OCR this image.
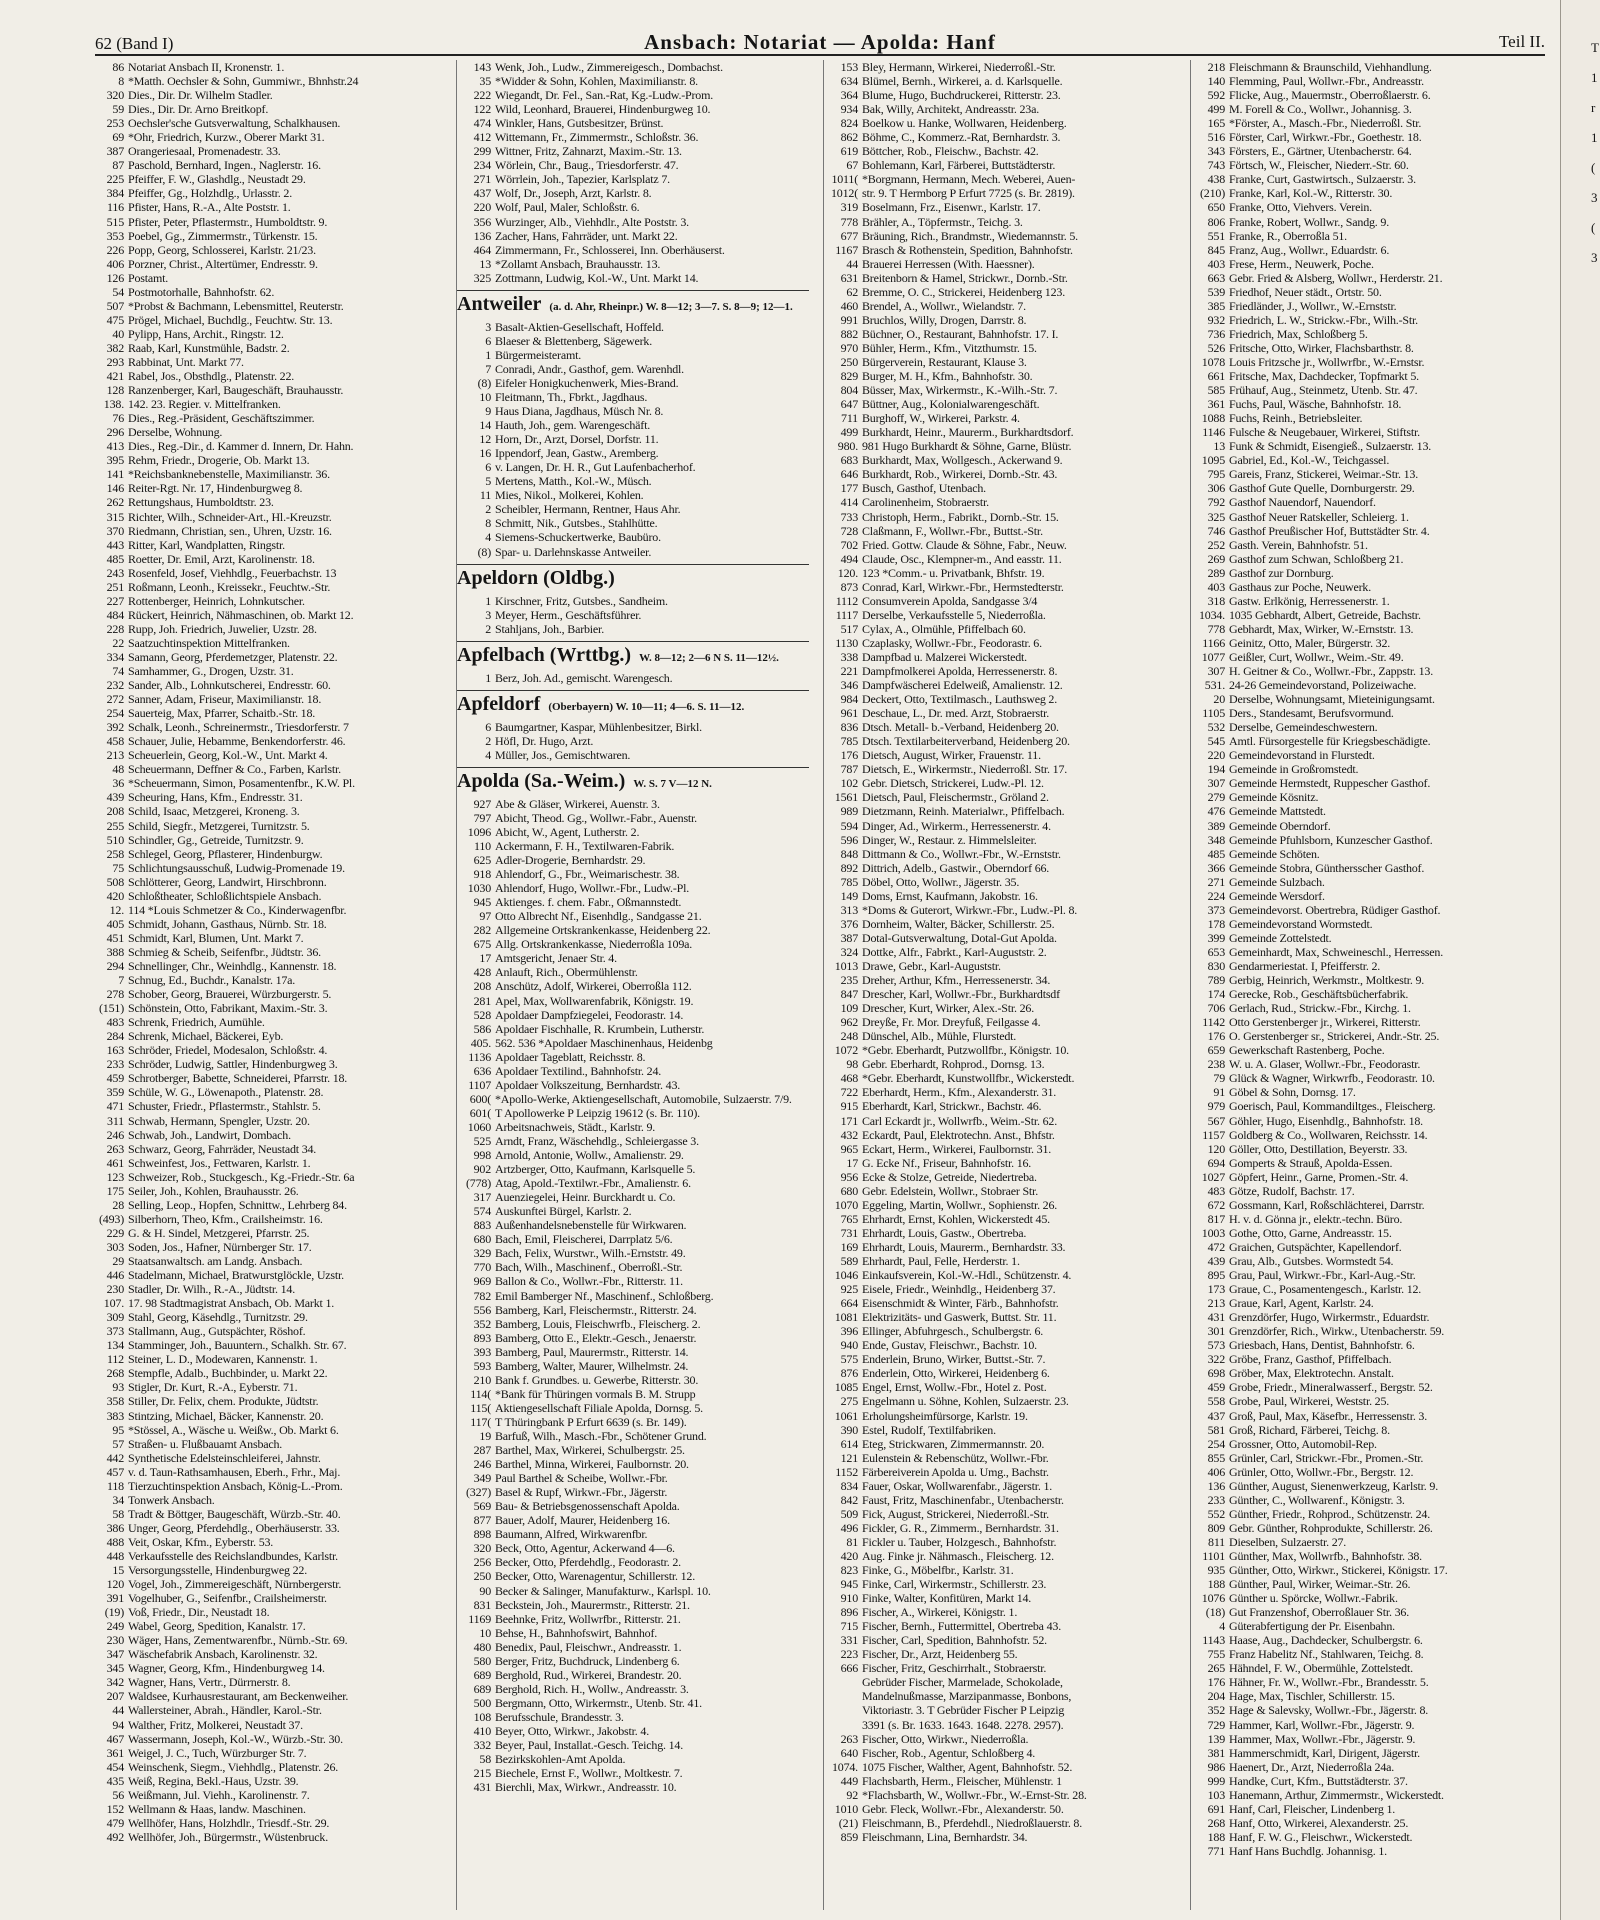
62 (Band I)	Ansbach: Notariat — Apolda: Hanf	Teil II.
86 Notariat Ansbach II, Kronenstr. 1.
8 *Matth. Oechsler & Sohn, Gummiwr., Bhnhstr.24
320 Dies., Dir. Dr. Wilhelm Stadler.
59 Dies., Dir. Dr. Arno Breitkopf.
253 Oechsler'sche Gutsverwaltung, Schalkhausen.
69 *Ohr, Friedrich, Kurzw., Oberer Markt 31.
387 Orangeriesaal, Promenadestr. 33.
87 Paschold, Bernhard, Ingen., Naglerstr. 16.
225 Pfeiffer, F. W., Glashdlg., Neustadt 29.
384 Pfeiffer, Gg., Holzhdlg., Urlasstr. 2.
116 Pfister, Hans, R.-A., Alte Poststr. 1.
515 Pfister, Peter, Pflastermstr., Humboldtstr. 9.
353 Poebel, Gg., Zimmermstr., Türkenstr. 15.
226 Popp, Georg, Schlosserei, Karlstr. 21/23.
406 Porzner, Christ., Altertümer, Endresstr. 9.
126 Postamt.
54 Postmotorhalle, Bahnhofstr. 62.
507 *Probst & Bachmann, Lebensmittel, Reuterstr.
475 Prögel, Michael, Buchdlg., Feuchtw. Str. 13.
40 Pylipp, Hans, Archit., Ringstr. 12.
382 Raab, Karl, Kunstmühle, Badstr. 2.
293 Rabbinat, Unt. Markt 77.
421 Rabel, Jos., Obsthdlg., Platenstr. 22.
128 Ranzenberger, Karl, Baugeschäft, Brauhausstr.
138. 142. 23. Regier. v. Mittelfranken.
76 Dies., Reg.-Präsident, Geschäftszimmer.
296 Derselbe, Wohnung.
413 Dies., Reg.-Dir., d. Kammer d. Innern, Dr. Hahn.
395 Rehm, Friedr., Drogerie, Ob. Markt 13.
141 *Reichsbanknebenstelle, Maximilianstr. 36.
146 Reiter-Rgt. Nr. 17, Hindenburgweg 8.
262 Rettungshaus, Humboldtstr. 23.
315 Richter, Wilh., Schneider-Art., Hl.-Kreuzstr.
370 Riedmann, Christian, sen., Uhren, Uzstr. 16.
443 Ritter, Karl, Wandplatten, Ringstr.
485 Roetter, Dr. Emil, Arzt, Karolinenstr. 18.
243 Rosenfeld, Josef, Viehhdlg., Feuerbachstr. 13
251 Roßmann, Leonh., Kreissekr., Feuchtw.-Str.
227 Rottenberger, Heinrich, Lohnkutscher.
484 Rückert, Heinrich, Nähmaschinen, ob. Markt 12.
228 Rupp, Joh. Friedrich, Juwelier, Uzstr. 28.
22 Saatzuchtinspektion Mittelfranken.
334 Samann, Georg, Pferdemetzger, Platenstr. 22.
74 Samhammer, G., Drogen, Uzstr. 31.
232 Sander, Alb., Lohnkutscherei, Endresstr. 60.
272 Sanner, Adam, Friseur, Maximilianstr. 18.
254 Sauerteig, Max, Pfarrer, Schaitb.-Str. 18.
392 Schalk, Leonh., Schreinermstr., Triesdorferstr. 7
458 Schauer, Julie, Hebamme, Benkendorferstr. 46.
213 Scheuerlein, Georg, Kol.-W., Unt. Markt 4.
48 Scheuermann, Deffner & Co., Farben, Karlstr.
36 *Scheuermann, Simon, Posamentenfbr., K.W. Pl.
439 Scheuring, Hans, Kfm., Endresstr. 31.
208 Schild, Isaac, Metzgerei, Kroneng. 3.
255 Schild, Siegfr., Metzgerei, Turnitzstr. 5.
510 Schindler, Gg., Getreide, Turnitzstr. 9.
258 Schlegel, Georg, Pflasterer, Hindenburgw.
75 Schlichtungsausschuß, Ludwig-Promenade 19.
508 Schlötterer, Georg, Landwirt, Hirschbronn.
420 Schloßtheater, Schloßlichtspiele Ansbach.
12. 114 *Louis Schmetzer & Co., Kinderwagenfbr.
405 Schmidt, Johann, Gasthaus, Nürnb. Str. 18.
451 Schmidt, Karl, Blumen, Unt. Markt 7.
388 Schmieg & Scheib, Seifenfbr., Jüdtstr. 36.
294 Schnellinger, Chr., Weinhdlg., Kannenstr. 18.
7 Schnug, Ed., Buchdr., Kanalstr. 17a.
278 Schober, Georg, Brauerei, Würzburgerstr. 5.
(151) Schönstein, Otto, Fabrikant, Maxim.-Str. 3.
483 Schrenk, Friedrich, Aumühle.
284 Schrenk, Michael, Bäckerei, Eyb.
163 Schröder, Friedel, Modesalon, Schloßstr. 4.
233 Schröder, Ludwig, Sattler, Hindenburgweg 3.
459 Schrotberger, Babette, Schneiderei, Pfarrstr. 18.
359 Schüle, W. G., Löwenapoth., Platenstr. 28.
471 Schuster, Friedr., Pflastermstr., Stahlstr. 5.
311 Schwab, Hermann, Spengler, Uzstr. 20.
246 Schwab, Joh., Landwirt, Dombach.
263 Schwarz, Georg, Fahrräder, Neustadt 34.
461 Schweinfest, Jos., Fettwaren, Karlstr. 1.
123 Schweizer, Rob., Stuckgesch., Kg.-Friedr.-Str. 6a
175 Seiler, Joh., Kohlen, Brauhausstr. 26.
28 Selling, Leop., Hopfen, Schnittw., Lehrberg 84.
(493) Silberhorn, Theo, Kfm., Crailsheimstr. 16.
229 G. & H. Sindel, Metzgerei, Pfarrstr. 25.
303 Soden, Jos., Hafner, Nürnberger Str. 17.
29 Staatsanwaltsch. am Landg. Ansbach.
446 Stadelmann, Michael, Bratwurstglöckle, Uzstr.
230 Stadler, Dr. Wilh., R.-A., Jüdtstr. 14.
107. 17. 98 Stadtmagistrat Ansbach, Ob. Markt 1.
309 Stahl, Georg, Käsehdlg., Turnitzstr. 29.
373 Stallmann, Aug., Gutspächter, Röshof.
134 Stamminger, Joh., Bauuntern., Schalkh. Str. 67.
112 Steiner, L. D., Modewaren, Kannenstr. 1.
268 Stempfle, Adalb., Buchbinder, u. Markt 22.
93 Stigler, Dr. Kurt, R.-A., Eyberstr. 71.
358 Stiller, Dr. Felix, chem. Produkte, Jüdtstr.
383 Stintzing, Michael, Bäcker, Kannenstr. 20.
95 *Stössel, A., Wäsche u. Weißw., Ob. Markt 6.
57 Straßen- u. Flußbauamt Ansbach.
442 Synthetische Edelsteinschleiferei, Jahnstr.
457 v. d. Taun-Rathsamhausen, Eberh., Frhr., Maj.
118 Tierzuchtinspektion Ansbach, König-L.-Prom.
34 Tonwerk Ansbach.
58 Tradt & Böttger, Baugeschäft, Würzb.-Str. 40.
386 Unger, Georg, Pferdehdlg., Oberhäuserstr. 33.
488 Veit, Oskar, Kfm., Eyberstr. 53.
448 Verkaufsstelle des Reichslandbundes, Karlstr.
15 Versorgungsstelle, Hindenburgweg 22.
120 Vogel, Joh., Zimmereigeschäft, Nürnbergerstr.
391 Vogelhuber, G., Seifenfbr., Crailsheimerstr.
(19) Voß, Friedr., Dir., Neustadt 18.
249 Wabel, Georg, Spedition, Kanalstr. 17.
230 Wäger, Hans, Zementwarenfbr., Nürnb.-Str. 69.
347 Wäschefabrik Ansbach, Karolinenstr. 32.
345 Wagner, Georg, Kfm., Hindenburgweg 14.
342 Wagner, Hans, Vertr., Dürrnerstr. 8.
207 Waldsee, Kurhausrestaurant, am Beckenweiher.
44 Wallersteiner, Abrah., Händler, Karol.-Str.
94 Walther, Fritz, Molkerei, Neustadt 37.
467 Wassermann, Joseph, Kol.-W., Würzb.-Str. 30.
361 Weigel, J. C., Tuch, Würzburger Str. 7.
454 Weinschenk, Siegm., Viehhdlg., Platenstr. 26.
435 Weiß, Regina, Bekl.-Haus, Uzstr. 39.
56 Weißmann, Jul. Viehh., Karolinenstr. 7.
152 Wellmann & Haas, landw. Maschinen.
479 Wellhöfer, Hans, Holzhdlr., Triesdf.-Str. 29.
492 Wellhöfer, Joh., Bürgermstr., Wüstenbruck.
143 Wenk, Joh., Ludw., Zimmereigesch., Dombachst.
35 *Widder & Sohn, Kohlen, Maximilianstr. 8.
222 Wiegandt, Dr. Fel., San.-Rat, Kg.-Ludw.-Prom.
122 Wild, Leonhard, Brauerei, Hindenburgweg 10.
474 Winkler, Hans, Gutsbesitzer, Brünst.
412 Wittemann, Fr., Zimmermstr., Schloßstr. 36.
299 Wittner, Fritz, Zahnarzt, Maxim.-Str. 13.
234 Wörlein, Chr., Baug., Triesdorferstr. 47.
271 Wörrlein, Joh., Tapezier, Karlsplatz 7.
437 Wolf, Dr., Joseph, Arzt, Karlstr. 8.
220 Wolf, Paul, Maler, Schloßstr. 6.
356 Wurzinger, Alb., Viehhdlr., Alte Poststr. 3.
136 Zacher, Hans, Fahrräder, unt. Markt 22.
464 Zimmermann, Fr., Schlosserei, Inn. Oberhäuserst.
13 *Zollamt Ansbach, Brauhausstr. 13.
325 Zottmann, Ludwig, Kol.-W., Unt. Markt 14.
Antweiler (a. d. Ahr, Rheinpr.) W. 8—12; 3—7. S. 8—9; 12—1.
3 Basalt-Aktien-Gesellschaft, Hoffeld.
6 Blaeser & Blettenberg, Sägewerk.
1 Bürgermeisteramt.
7 Conradi, Andr., Gasthof, gem. Warenhdl.
(8) Eifeler Honigkuchenwerk, Mies-Brand.
10 Fleitmann, Th., Fbrkt., Jagdhaus.
9 Haus Diana, Jagdhaus, Müsch Nr. 8.
14 Hauth, Joh., gem. Warengeschäft.
12 Horn, Dr., Arzt, Dorsel, Dorfstr. 11.
16 Ippendorf, Jean, Gastw., Aremberg.
6 v. Langen, Dr. H. R., Gut Laufenbacherhof.
5 Mertens, Matth., Kol.-W., Müsch.
11 Mies, Nikol., Molkerei, Kohlen.
2 Scheibler, Hermann, Rentner, Haus Ahr.
8 Schmitt, Nik., Gutsbes., Stahlhütte.
4 Siemens-Schuckertwerke, Baubüro.
(8) Spar- u. Darlehnskasse Antweiler.
Apeldorn (Oldbg.)
1 Kirschner, Fritz, Gutsbes., Sandheim.
3 Meyer, Herm., Geschäftsführer.
2 Stahljans, Joh., Barbier.
Apfelbach (Wrttbg.) W. 8—12; 2—6 N S. 11—12½.
1 Berz, Joh. Ad., gemischt. Warengesch.
Apfeldorf (Oberbayern) W. 10—11; 4—6. S. 11—12.
6 Baumgartner, Kaspar, Mühlenbesitzer, Birkl.
2 Höfl, Dr. Hugo, Arzt.
4 Müller, Jos., Gemischtwaren.
Apolda (Sa.-Weim.) W. S. 7 V—12 N.
927 Abe & Gläser, Wirkerei, Auenstr. 3.
797 Abicht, Theod. Gg., Wollwr.-Fabr., Auenstr.
1096 Abicht, W., Agent, Lutherstr. 2.
110 Ackermann, F. H., Textilwaren-Fabrik.
625 Adler-Drogerie, Bernhardstr. 29.
918 Ahlendorf, G., Fbr., Weimarischestr. 38.
1030 Ahlendorf, Hugo, Wollwr.-Fbr., Ludw.-Pl.
945 Aktienges. f. chem. Fabr., Oßmannstedt.
97 Otto Albrecht Nf., Eisenhdlg., Sandgasse 21.
282 Allgemeine Ortskrankenkasse, Heidenberg 22.
675 Allg. Ortskrankenkasse, Niederroßla 109a.
17 Amtsgericht, Jenaer Str. 4.
428 Anlauft, Rich., Obermühlenstr.
208 Anschütz, Adolf, Wirkerei, Oberroßla 112.
281 Apel, Max, Wollwarenfabrik, Königstr. 19.
528 Apoldaer Dampfziegelei, Feodorastr. 14.
586 Apoldaer Fischhalle, R. Krumbein, Lutherstr.
405. 562. 536 *Apoldaer Maschinenhaus, Heidenbg
1136 Apoldaer Tageblatt, Reichsstr. 8.
636 Apoldaer Textilind., Bahnhofstr. 24.
1107 Apoldaer Volkszeitung, Bernhardstr. 43.
600( *Apollo-Werke, Aktiengesellschaft, Automobile, Sulzaerstr. 7/9.
601( T Apollowerke P Leipzig 19612 (s. Br. 110).
1060 Arbeitsnachweis, Städt., Karlstr. 9.
525 Arndt, Franz, Wäschehdlg., Schleiergasse 3.
998 Arnold, Antonie, Wollw., Amalienstr. 29.
902 Artzberger, Otto, Kaufmann, Karlsquelle 5.
(778) Atag, Apold.-Textilwr.-Fbr., Amalienstr. 6.
317 Auenziegelei, Heinr. Burckhardt u. Co.
574 Auskunftei Bürgel, Karlstr. 2.
883 Außenhandelsnebenstelle für Wirkwaren.
680 Bach, Emil, Fleischerei, Darrplatz 5/6.
329 Bach, Felix, Wurstwr., Wilh.-Ernststr. 49.
770 Bach, Wilh., Maschinenf., Oberroßl.-Str.
969 Ballon & Co., Wollwr.-Fbr., Ritterstr. 11.
782 Emil Bamberger Nf., Maschinenf., Schloßberg.
556 Bamberg, Karl, Fleischermstr., Ritterstr. 24.
352 Bamberg, Louis, Fleischwrfb., Fleischerg. 2.
893 Bamberg, Otto E., Elektr.-Gesch., Jenaerstr.
393 Bamberg, Paul, Maurermstr., Ritterstr. 14.
593 Bamberg, Walter, Maurer, Wilhelmstr. 24.
210 Bank f. Grundbes. u. Gewerbe, Ritterstr. 30.
114( *Bank für Thüringen vormals B. M. Strupp
115( Aktiengesellschaft Filiale Apolda, Dornsg. 5.
117( T Thüringbank P Erfurt 6639 (s. Br. 149).
19 Barfuß, Wilh., Masch.-Fbr., Schötener Grund.
287 Barthel, Max, Wirkerei, Schulbergstr. 25.
246 Barthel, Minna, Wirkerei, Faulbornstr. 20.
349 Paul Barthel & Scheibe, Wollwr.-Fbr.
(327) Basel & Rupf, Wirkwr.-Fbr., Jägerstr.
569 Bau- & Betriebsgenossenschaft Apolda.
877 Bauer, Adolf, Maurer, Heidenberg 16.
898 Baumann, Alfred, Wirkwarenfbr.
320 Beck, Otto, Agentur, Ackerwand 4—6.
256 Becker, Otto, Pferdehdlg., Feodorastr. 2.
250 Becker, Otto, Warenagentur, Schillerstr. 12.
90 Becker & Salinger, Manufakturw., Karlspl. 10.
831 Beckstein, Joh., Maurermstr., Ritterstr. 21.
1169 Beehnke, Fritz, Wollwrfbr., Ritterstr. 21.
10 Behse, H., Bahnhofswirt, Bahnhof.
480 Benedix, Paul, Fleischwr., Andreasstr. 1.
580 Berger, Fritz, Buchdruck, Lindenberg 6.
689 Berghold, Rud., Wirkerei, Brandestr. 20.
689 Berghold, Rich. H., Wollw., Andreasstr. 3.
500 Bergmann, Otto, Wirkermstr., Utenb. Str. 41.
108 Berufsschule, Brandesstr. 3.
410 Beyer, Otto, Wirkwr., Jakobstr. 4.
332 Beyer, Paul, Installat.-Gesch. Teichg. 14.
58 Bezirkskohlen-Amt Apolda.
215 Biechele, Ernst F., Wollwr., Moltkestr. 7.
431 Bierchli, Max, Wirkwr., Andreasstr. 10.
153 Bley, Hermann, Wirkerei, Niederroßl.-Str.
634 Blümel, Bernh., Wirkerei, a. d. Karlsquelle.
364 Blume, Hugo, Buchdruckerei, Ritterstr. 23.
934 Bak, Willy, Architekt, Andreasstr. 23a.
824 Boelkow u. Hanke, Wollwaren, Heidenberg.
862 Böhme, C., Kommerz.-Rat, Bernhardstr. 3.
619 Böttcher, Rob., Fleischw., Bachstr. 42.
67 Bohlemann, Karl, Färberei, Buttstädterstr.
1011( *Borgmann, Hermann, Mech. Weberei, Auen-
1012( str. 9. T Hermborg P Erfurt 7725 (s. Br. 2819).
319 Boselmann, Frz., Eisenwr., Karlstr. 17.
778 Brähler, A., Töpfermstr., Teichg. 3.
677 Bräuning, Rich., Brandmstr., Wiedemannstr. 5.
1167 Brasch & Rothenstein, Spedition, Bahnhofstr.
44 Brauerei Herressen (With. Haessner).
631 Breitenborn & Hamel, Strickwr., Dornb.-Str.
62 Bremme, O. C., Strickerei, Heidenberg 123.
460 Brendel, A., Wollwr., Wielandstr. 7.
991 Bruchlos, Willy, Drogen, Darrstr. 8.
882 Büchner, O., Restaurant, Bahnhofstr. 17. I.
970 Bühler, Herm., Kfm., Vitzthumstr. 15.
250 Bürgerverein, Restaurant, Klause 3.
829 Burger, M. H., Kfm., Bahnhofstr. 30.
804 Büsser, Max, Wirkermstr., K.-Wilh.-Str. 7.
647 Büttner, Aug., Kolonialwarengeschäft.
711 Burghoff, W., Wirkerei, Parkstr. 4.
499 Burkhardt, Heinr., Maurerm., Burkhardtsdorf.
980. 981 Hugo Burkhardt & Söhne, Garne, Blüstr.
683 Burkhardt, Max, Wollgesch., Ackerwand 9.
646 Burkhardt, Rob., Wirkerei, Dornb.-Str. 43.
177 Busch, Gasthof, Utenbach.
414 Carolinenheim, Stobraerstr.
733 Christoph, Herm., Fabrikt., Dornb.-Str. 15.
728 Claßmann, F., Wollwr.-Fbr., Buttst.-Str.
702 Fried. Gottw. Claude & Söhne, Fabr., Neuw.
494 Claude, Osc., Klempner-m., And easstr. 11.
120. 123 *Comm.- u. Privatbank, Bhfstr. 19.
873 Conrad, Karl, Wirkwr.-Fbr., Hermstedterstr.
1112 Consumverein Apolda, Sandgasse 3/4
1117 Derselbe, Verkaufsstelle 5, Niederroßla.
517 Cylax, A., Olmühle, Pfiffelbach 60.
1130 Czaplasky, Wollwr.-Fbr., Feodorastr. 6.
338 Dampfbad u. Malzerei Wickerstedt.
221 Dampfmolkerei Apolda, Herressenerstr. 8.
346 Dampfwäscherei Edelweiß, Amalienstr. 12.
984 Deckert, Otto, Textilmasch., Lauthsweg 2.
961 Deschaue, L., Dr. med. Arzt, Stobraerstr.
836 Dtsch. Metall- b.-Verband, Heidenberg 20.
785 Dtsch. Textilarbeiterverband, Heidenberg 20.
176 Dietsch, August, Wirker, Frauenstr. 11.
787 Dietsch, E., Wirkermstr., Niederroßl. Str. 17.
102 Gebr. Dietsch, Strickerei, Ludw.-Pl. 12.
1561 Dietsch, Paul, Fleischermstr., Gröland 2.
989 Dietzmann, Reinh. Materialwr., Pfiffelbach.
594 Dinger, Ad., Wirkerm., Herressenerstr. 4.
596 Dinger, W., Restaur. z. Himmelsleiter.
848 Dittmann & Co., Wollwr.-Fbr., W.-Ernststr.
892 Dittrich, Adelb., Gastwir., Oberndorf 66.
785 Döbel, Otto, Wollwr., Jägerstr. 35.
149 Doms, Ernst, Kaufmann, Jakobstr. 16.
313 *Doms & Guterort, Wirkwr.-Fbr., Ludw.-Pl. 8.
376 Dornheim, Walter, Bäcker, Schillerstr. 25.
387 Dotal-Gutsverwaltung, Dotal-Gut Apolda.
324 Dottke, Alfr., Fabrkt., Karl-Auguststr. 2.
1013 Drawe, Gebr., Karl-Auguststr.
235 Dreher, Arthur, Kfm., Herressenerstr. 34.
847 Drescher, Karl, Wollwr.-Fbr., Burkhardtsdf
109 Drescher, Kurt, Wirker, Alex.-Str. 26.
962 Dreyße, Fr. Mor. Dreyfuß, Feilgasse 4.
248 Dünschel, Alb., Mühle, Flurstedt.
1072 *Gebr. Eberhardt, Putzwollfbr., Königstr. 10.
98 Gebr. Eberhardt, Rohprod., Dornsg. 13.
468 *Gebr. Eberhardt, Kunstwollfbr., Wickerstedt.
722 Eberhardt, Herm., Kfm., Alexanderstr. 31.
915 Eberhardt, Karl, Strickwr., Bachstr. 46.
171 Carl Eckardt jr., Wollwrfb., Weim.-Str. 62.
432 Eckardt, Paul, Elektrotechn. Anst., Bhfstr.
965 Eckart, Herm., Wirkerei, Faulbornstr. 31.
17 G. Ecke Nf., Friseur, Bahnhofstr. 16.
956 Ecke & Stolze, Getreide, Niedertreba.
680 Gebr. Edelstein, Wollwr., Stobraer Str.
1070 Eggeling, Martin, Wollwr., Sophienstr. 26.
765 Ehrhardt, Ernst, Kohlen, Wickerstedt 45.
731 Ehrhardt, Louis, Gastw., Obertreba.
169 Ehrhardt, Louis, Maurerm., Bernhardstr. 33.
589 Ehrhardt, Paul, Felle, Herderstr. 1.
1046 Einkaufsverein, Kol.-W.-Hdl., Schützenstr. 4.
925 Eisele, Friedr., Weinhdlg., Heidenberg 37.
664 Eisenschmidt & Winter, Färb., Bahnhofstr.
1081 Elektrizitäts- und Gaswerk, Buttst. Str. 11.
396 Ellinger, Abfuhrgesch., Schulbergstr. 6.
940 Ende, Gustav, Fleischwr., Bachstr. 10.
575 Enderlein, Bruno, Wirker, Buttst.-Str. 7.
876 Enderlein, Otto, Wirkerei, Heidenberg 6.
1085 Engel, Ernst, Wollw.-Fbr., Hotel z. Post.
275 Engelmann u. Söhne, Kohlen, Sulzaerstr. 23.
1061 Erholungsheimfürsorge, Karlstr. 19.
390 Estel, Rudolf, Textilfabriken.
614 Eteg, Strickwaren, Zimmermannstr. 20.
121 Eulenstein & Rebenschütz, Wollwr.-Fbr.
1152 Färbereiverein Apolda u. Umg., Bachstr.
834 Fauer, Oskar, Wollwarenfabr., Jägerstr. 1.
842 Faust, Fritz, Maschinenfabr., Utenbacherstr.
509 Fick, August, Strickerei, Niederroßl.-Str.
496 Fickler, G. R., Zimmerm., Bernhardstr. 31.
81 Fickler u. Tauber, Holzgesch., Bahnhofstr.
420 Aug. Finke jr. Nähmasch., Fleischerg. 12.
823 Finke, G., Möbelfbr., Karlstr. 31.
945 Finke, Carl, Wirkermstr., Schillerstr. 23.
910 Finke, Walter, Konfitüren, Markt 14.
896 Fischer, A., Wirkerei, Königstr. 1.
715 Fischer, Bernh., Futtermittel, Obertreba 43.
331 Fischer, Carl, Spedition, Bahnhofstr. 52.
223 Fischer, Dr., Arzt, Heidenberg 55.
666 Fischer, Fritz, Geschirrhalt., Stobraerstr.
Gebrüder Fischer, Marmelade, Schokolade,
Mandelnußmasse, Marzipanmasse, Bonbons,
Viktoriastr. 3. T Gebrüder Fischer P Leipzig
3391 (s. Br. 1633. 1643. 1648. 2278. 2957).
263 Fischer, Otto, Wirkwr., Niederroßla.
640 Fischer, Rob., Agentur, Schloßberg 4.
1074. 1075 Fischer, Walther, Agent, Bahnhofstr. 52.
449 Flachsbarth, Herm., Fleischer, Mühlenstr. 1
92 *Flachsbarth, W., Wollwr.-Fbr., W.-Ernst-Str. 28.
1010 Gebr. Fleck, Wollwr.-Fbr., Alexanderstr. 50.
(21) Fleischmann, B., Pferdehdl., Niedroßlauerstr. 8.
859 Fleischmann, Lina, Bernhardstr. 34.
218 Fleischmann & Braunschild, Viehhandlung.
140 Flemming, Paul, Wollwr.-Fbr., Andreasstr.
592 Flicke, Aug., Mauermstr., Oberroßlaerstr. 6.
499 M. Forell & Co., Wollwr., Johannisg. 3.
165 *Förster, A., Masch.-Fbr., Niederroßl. Str.
516 Förster, Carl, Wirkwr.-Fbr., Goethestr. 18.
343 Försters, E., Gärtner, Utenbacherstr. 64.
743 Förtsch, W., Fleischer, Niederr.-Str. 60.
438 Franke, Curt, Gastwirtsch., Sulzaerstr. 3.
(210) Franke, Karl, Kol.-W., Ritterstr. 30.
650 Franke, Otto, Viehvers. Verein.
806 Franke, Robert, Wollwr., Sandg. 9.
551 Franke, R., Oberroßla 51.
845 Franz, Aug., Wollwr., Eduardstr. 6.
403 Frese, Herm., Neuwerk, Poche.
663 Gebr. Fried & Alsberg, Wollwr., Herderstr. 21.
539 Friedhof, Neuer städt., Ortstr. 50.
385 Friedländer, J., Wollwr., W.-Ernststr.
932 Friedrich, L. W., Strickw.-Fbr., Wilh.-Str.
736 Friedrich, Max, Schloßberg 5.
526 Fritsche, Otto, Wirker, Flachsbarthstr. 8.
1078 Louis Fritzsche jr., Wollwrfbr., W.-Ernstsr.
661 Fritsche, Max, Dachdecker, Topfmarkt 5.
585 Frühauf, Aug., Steinmetz, Utenb. Str. 47.
361 Fuchs, Paul, Wäsche, Bahnhofstr. 18.
1088 Fuchs, Reinh., Betriebsleiter.
1146 Fulsche & Neugebauer, Wirkerei, Stiftstr.
13 Funk & Schmidt, Eisengieß., Sulzaerstr. 13.
1095 Gabriel, Ed., Kol.-W., Teichgassel.
795 Gareis, Franz, Stickerei, Weimar.-Str. 13.
306 Gasthof Gute Quelle, Dornburgerstr. 29.
792 Gasthof Nauendorf, Nauendorf.
325 Gasthof Neuer Ratskeller, Schleierg. 1.
746 Gasthof Preußischer Hof, Buttstädter Str. 4.
252 Gasth. Verein, Bahnhofstr. 51.
269 Gasthof zum Schwan, Schloßberg 21.
289 Gasthof zur Dornburg.
403 Gasthaus zur Poche, Neuwerk.
318 Gastw. Erlkönig, Herressenerstr. 1.
1034. 1035 Gebhardt, Albert, Getreide, Bachstr.
778 Gebhardt, Max, Wirker, W.-Ernststr. 13.
1166 Geinitz, Otto, Maler, Bürgerstr. 32.
1077 Geißler, Curt, Wollwr., Weim.-Str. 49.
307 H. Geitner & Co., Wollwr.-Fbr., Zappstr. 13.
531. 24-26 Gemeindevorstand, Polizeiwache.
20 Derselbe, Wohnungsamt, Mieteinigungsamt.
1105 Ders., Standesamt, Berufsvormund.
532 Derselbe, Gemeindeschwestern.
545 Amtl. Fürsorgestelle für Kriegsbeschädigte.
220 Gemeindevorstand in Flurstedt.
194 Gemeinde in Großromstedt.
307 Gemeinde Hermstedt, Ruppescher Gasthof.
279 Gemeinde Kösnitz.
476 Gemeinde Mattstedt.
389 Gemeinde Oberndorf.
348 Gemeinde Pfuhlsborn, Kunzescher Gasthof.
485 Gemeinde Schöten.
366 Gemeinde Stobra, Günthersscher Gasthof.
271 Gemeinde Sulzbach.
224 Gemeinde Wersdorf.
373 Gemeindevorst. Obertrebra, Rüdiger Gasthof.
178 Gemeindevorstand Wormstedt.
399 Gemeinde Zottelstedt.
653 Gemeinhardt, Max, Schweineschl., Herressen.
830 Gendarmeriestat. I, Pfeifferstr. 2.
789 Gerbig, Heinrich, Werkmstr., Moltkestr. 9.
174 Gerecke, Rob., Geschäftsbücherfabrik.
706 Gerlach, Rud., Strickw.-Fbr., Kirchg. 1.
1142 Otto Gerstenberger jr., Wirkerei, Ritterstr.
176 O. Gerstenberger sr., Strickerei, Andr.-Str. 25.
659 Gewerkschaft Rastenberg, Poche.
238 W. u. A. Glaser, Wollwr.-Fbr., Feodorastr.
79 Glück & Wagner, Wirkwrfb., Feodorastr. 10.
91 Göbel & Sohn, Dornsg. 17.
979 Goerisch, Paul, Kommandiltges., Fleischerg.
567 Göhler, Hugo, Eisenhdlg., Bahnhofstr. 18.
1157 Goldberg & Co., Wollwaren, Reichsstr. 14.
120 Göller, Otto, Destillation, Beyerstr. 33.
694 Gomperts & Strauß, Apolda-Essen.
1027 Göpfert, Heinr., Garne, Promen.-Str. 4.
483 Götze, Rudolf, Bachstr. 17.
672 Gossmann, Karl, Roßschlächterei, Darrstr.
817 H. v. d. Gönna jr., elektr.-techn. Büro.
1003 Gothe, Otto, Garne, Andreasstr. 15.
472 Graichen, Gutspächter, Kapellendorf.
439 Grau, Alb., Gutsbes. Wormstedt 54.
895 Grau, Paul, Wirkwr.-Fbr., Karl-Aug.-Str.
173 Graue, C., Posamentengesch., Karlstr. 12.
213 Graue, Karl, Agent, Karlstr. 24.
431 Grenzdörfer, Hugo, Wirkermstr., Eduardstr.
301 Grenzdörfer, Rich., Wirkw., Utenbacherstr. 59.
573 Griesbach, Hans, Dentist, Bahnhofstr. 6.
322 Gröbe, Franz, Gasthof, Pfiffelbach.
698 Gröber, Max, Elektrotechn. Anstalt.
459 Grobe, Friedr., Mineralwasserf., Bergstr. 52.
558 Grobe, Paul, Wirkerei, Weststr. 25.
437 Groß, Paul, Max, Käsefbr., Herressenstr. 3.
581 Groß, Richard, Färberei, Teichg. 8.
254 Grossner, Otto, Automobil-Rep.
855 Grünler, Carl, Strickwr.-Fbr., Promen.-Str.
406 Grünler, Otto, Wollwr.-Fbr., Bergstr. 12.
136 Günther, August, Sienenwerkzeug, Karlstr. 9.
233 Günther, C., Wollwarenf., Königstr. 3.
552 Günther, Friedr., Rohprod., Schützenstr. 24.
809 Gebr. Günther, Rohprodukte, Schillerstr. 26.
811 Dieselben, Sulzaerstr. 27.
1101 Günther, Max, Wollwrfb., Bahnhofstr. 38.
935 Günther, Otto, Wirkwr., Stickerei, Königstr. 17.
188 Günther, Paul, Wirker, Weimar.-Str. 26.
1076 Günther u. Spörcke, Wollwr.-Fabrik.
(18) Gut Franzenshof, Oberroßlauer Str. 36.
4 Güterabfertigung der Pr. Eisenbahn.
1143 Haase, Aug., Dachdecker, Schulbergstr. 6.
755 Franz Habelitz Nf., Stahlwaren, Teichg. 8.
265 Hähndel, F. W., Obermühle, Zottelstedt.
176 Hähner, Fr. W., Wollwr.-Fbr., Brandesstr. 5.
204 Hage, Max, Tischler, Schillerstr. 15.
352 Hage & Salevsky, Wollwr.-Fbr., Jägerstr. 8.
729 Hammer, Karl, Wollwr.-Fbr., Jägerstr. 9.
139 Hammer, Max, Wollwr.-Fbr., Jägerstr. 9.
381 Hammerschmidt, Karl, Dirigent, Jägerstr.
986 Haenert, Dr., Arzt, Niederroßla 24a.
999 Handke, Curt, Kfm., Buttstädterstr. 37.
103 Hanemann, Arthur, Zimmermstr., Wickerstedt.
691 Hanf, Carl, Fleischer, Lindenberg 1.
268 Hanf, Otto, Wirkerei, Alexanderstr. 25.
188 Hanf, F. W. G., Fleischwr., Wickerstedt.
771 Hanf Hans Buchdlg. Johannisg. 1.
T
1
r
1
(
3
(
3
